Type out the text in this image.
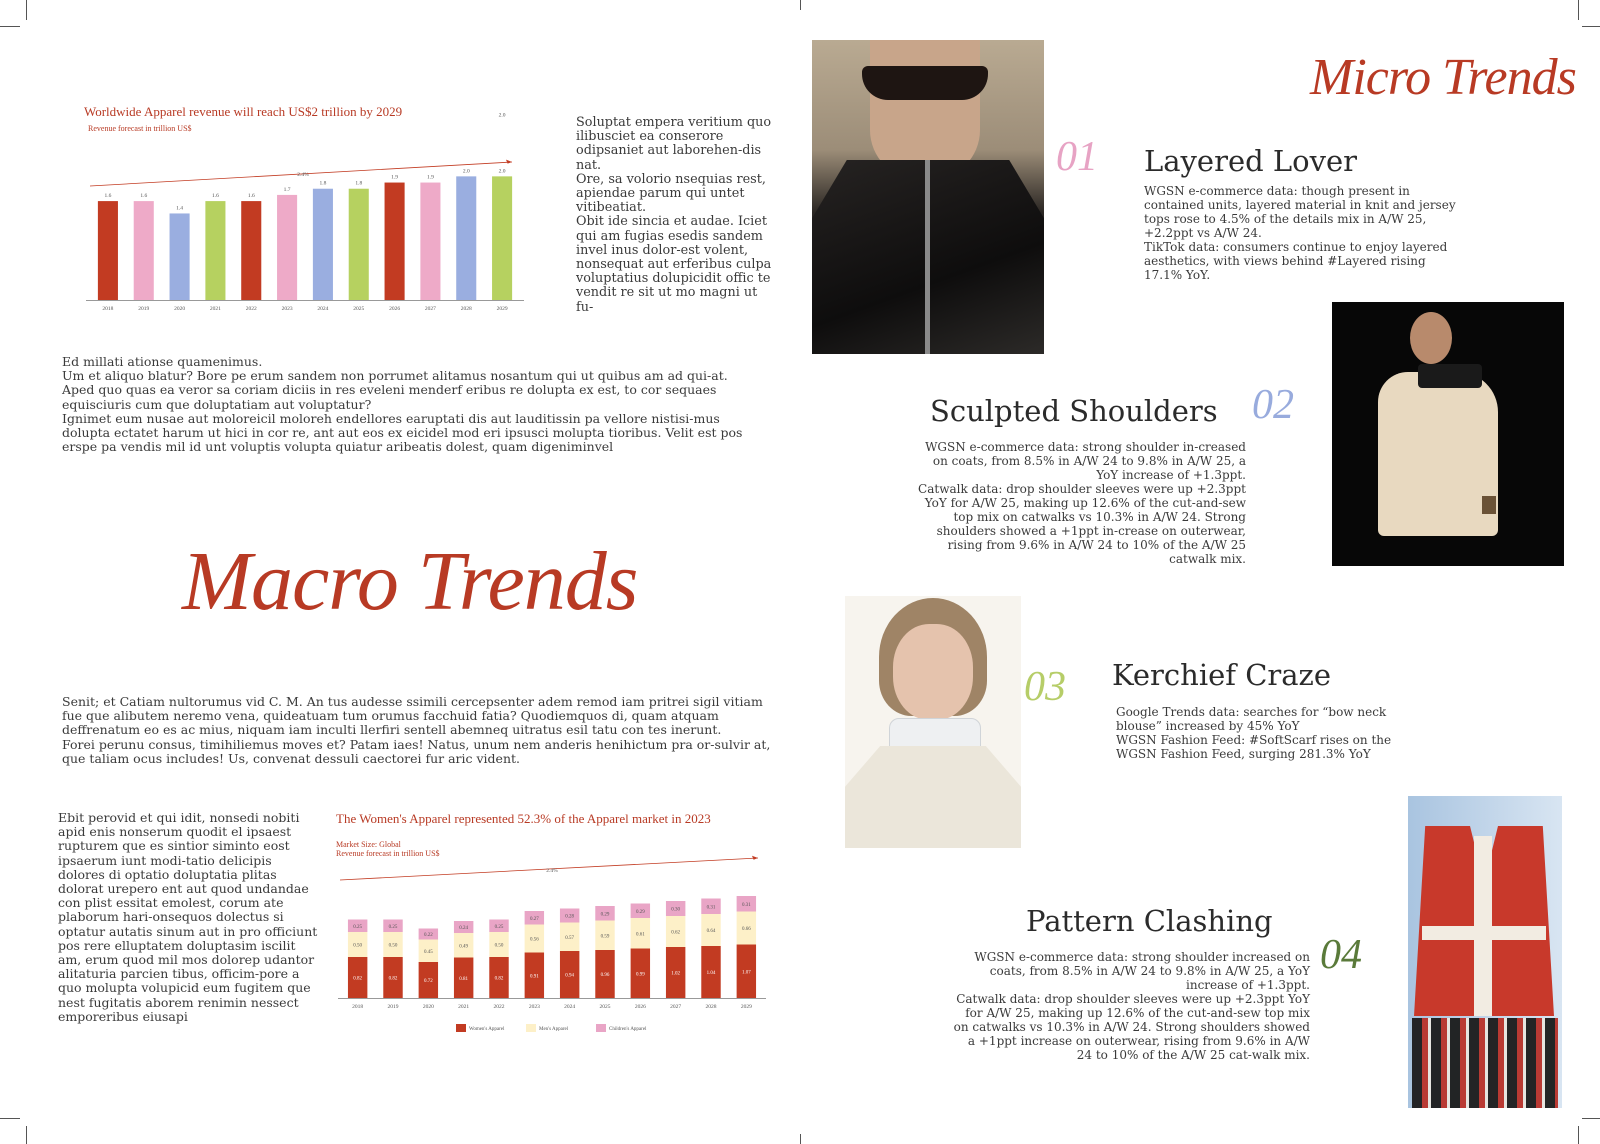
Worldwide Apparel revenue will reach US$2 trillion by 2029
Revenue forecast in trillion US$
1.6
2018
1.6
2019
1.4
2020
1.6
2021
1.6
2022
1.7
2023
1.8
2024
1.8
2025
1.9
2026
1.9
2027
2.0
2028
2.0
2029
2.0
2.4%

Soluptat empera veritium quo ilibusciet ea conserore odipsaniet aut laborehen-dis nat.
Ore, sa volorio nsequias rest, apiendae parum qui untet vitibeatiat.
Obit ide sincia et audae. Iciet qui am fugias esedis sandem invel inus dolor-est volent, nonsequat aut erferibus culpa voluptatius dolupicidit offic te vendit re sit ut mo magni ut fu-

Ed millati ationse quamenimus.
Um et aliquo blatur? Bore pe erum sandem non porrumet alitamus nosantum qui ut quibus am ad qui-at.
Aped quo quas ea veror sa coriam diciis in res eveleni menderf eribus re dolupta ex est, to cor sequaes equisciuris cum que doluptatiam aut voluptatur?
Ignimet eum nusae aut moloreicil moloreh endellores earuptati dis aut lauditissin pa vellore nistisi-mus dolupta ectatet harum ut hici in cor re, ant aut eos ex eicidel mod eri ipsusci molupta tioribus. Velit est pos erspe pa vendis mil id unt voluptis volupta quiatur aribeatis dolest, quam digeniminvel

Macro Trends

Senit; et Catiam nultorumus vid C. M. An tus audesse ssimili cercepsenter adem remod iam pritrei sigil vitiam fue que alibutem neremo vena, quideatuam tum orumus facchuid fatia? Quodiemquos di, quam atquam deffrenatum eo es ac mius, niquam iam inculti llerfiri sentell abemneq uitratus esil tatu con tes inerunt.
Forei perunu consus, timihiliemus moves et? Patam iaes! Natus, unum nem anderis henihictum pra or-sulvir at, que taliam ocus includes! Us, convenat dessuli caectorei fur aric vident.

Ebit perovid et qui idit, nonsedi nobiti apid enis nonserum quodit el ipsaest rupturem que es sintior siminto eost ipsaerum iunt modi-tatio delicipis dolores di optatio doluptatia plitas dolorat urepero ent aut quod undandae con plist essitat emolest, corum ate plaborum hari-onsequos dolectus si optatur autatis sinum aut in pro officiunt pos rere elluptatem doluptasim iscilit am, erum quod mil mos dolorep udantor alitaturia parcien tibus, officim-pore a quo molupta volupicid eum fugitem que nest fugitatis aborem renimin nessect emporeribus eiusapi

The Women's Apparel represented 52.3% of the Apparel market in 2023
Market Size: Global
Revenue forecast in trillion US$
0.82
0.50
0.25
2018
0.82
0.50
0.25
2019
0.72
0.45
0.22
2020
0.81
0.49
0.24
2021
0.82
0.50
0.25
2022
0.91
0.56
0.27
2023
0.94
0.57
0.28
2024
0.96
0.59
0.29
2025
0.99
0.61
0.29
2026
1.02
0.62
0.30
2027
1.04
0.64
0.31
2028
1.07
0.66
0.31
2029
2.4%
Women's Apparel	Men's Apparel	Children's Apparel
Micro Trends
01 Layered Lover

WGSN e-commerce data: though present in contained units, layered material in knit and jersey tops rose to 4.5% of the details mix in A/W 25, +2.2ppt vs A/W 24.
TikTok data: consumers continue to enjoy layered aesthetics, with views behind #Layered rising 17.1% YoY.

Sculpted Shoulders 02

WGSN e-commerce data: strong shoulder in-creased on coats, from 8.5% in A/W 24 to 9.8% in A/W 25, a YoY increase of +1.3ppt.
Catwalk data: drop shoulder sleeves were up +2.3ppt YoY for A/W 25, making up 12.6% of the cut-and-sew top mix on catwalks vs 10.3% in A/W 24. Strong shoulders showed a +1ppt in-crease on outerwear, rising from 9.6% in A/W 24 to 10% of the A/W 25 catwalk mix.

03 Kerchief Craze

Google Trends data: searches for “bow neck blouse” increased by 45% YoY
WGSN Fashion Feed: #SoftScarf rises on the WGSN Fashion Feed, surging 281.3% YoY

Pattern Clashing
04

WGSN e-commerce data: strong shoulder increased on coats, from 8.5% in A/W 24 to 9.8% in A/W 25, a YoY increase of +1.3ppt.
Catwalk data: drop shoulder sleeves were up +2.3ppt YoY for A/W 25, making up 12.6% of the cut-and-sew top mix on catwalks vs 10.3% in A/W 24. Strong shoulders showed a +1ppt increase on outerwear, rising from 9.6% in A/W 24 to 10% of the A/W 25 cat-walk mix.
